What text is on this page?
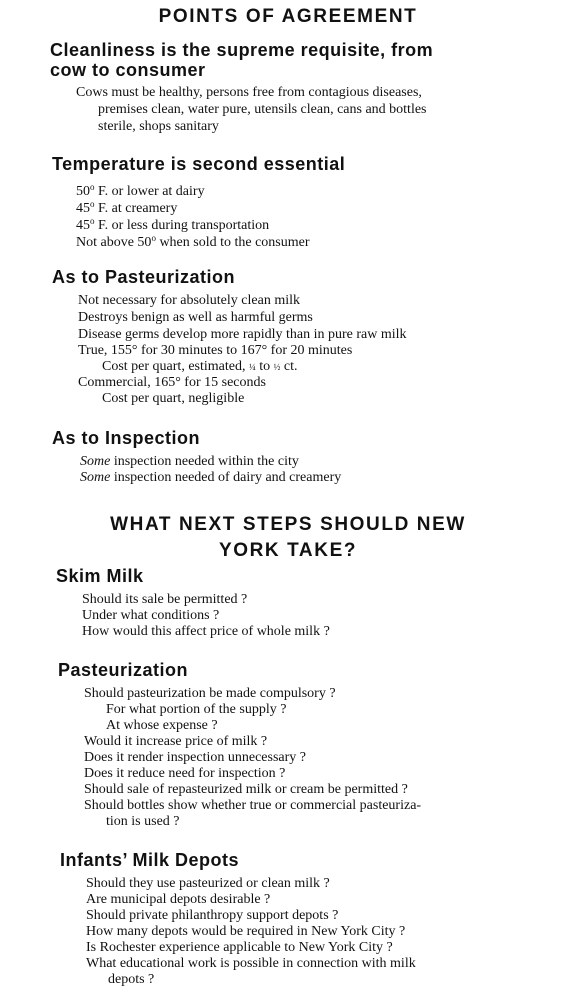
POINTS OF AGREEMENT
Cleanliness is the supreme requisite, from
cow to consumer
Cows must be healthy, persons free from contagious diseases,
premises clean, water pure, utensils clean, cans and bottles
sterile, shops sanitary
Temperature is second essential
50$^o$ F. or lower at dairy
45$^o$ F. at creamery
45$^o$ F. or less during transportation
Not above 50$^o$ when sold to the consumer
As to Pasteurization
Not necessary for absolutely clean milk
Destroys benign as well as harmful germs
Disease germs develop more rapidly than in pure raw milk
True, 155° for 30 minutes to 167° for 20 minutes
Cost per quart, estimated, ¼ to ½ ct.
Commercial, 165° for 15 seconds
Cost per quart, negligible
As to Inspection
Some inspection needed within the city
Some inspection needed of dairy and creamery
WHAT NEXT STEPS SHOULD NEW
YORK TAKE?
Skim Milk
Should its sale be permitted ?
Under what conditions ?
How would this affect price of whole milk ?
Pasteurization
Should pasteurization be made compulsory ?
For what portion of the supply ?
At whose expense ?
Would it increase price of milk ?
Does it render inspection unnecessary ?
Does it reduce need for inspection ?
Should sale of repasteurized milk or cream be permitted ?
Should bottles show whether true or commercial pasteuriza-
tion is used ?
Infants’ Milk Depots
Should they use pasteurized or clean milk ?
Are municipal depots desirable ?
Should private philanthropy support depots ?
How many depots would be required in New York City ?
Is Rochester experience applicable to New York City ?
What educational work is possible in connection with milk
depots ?
